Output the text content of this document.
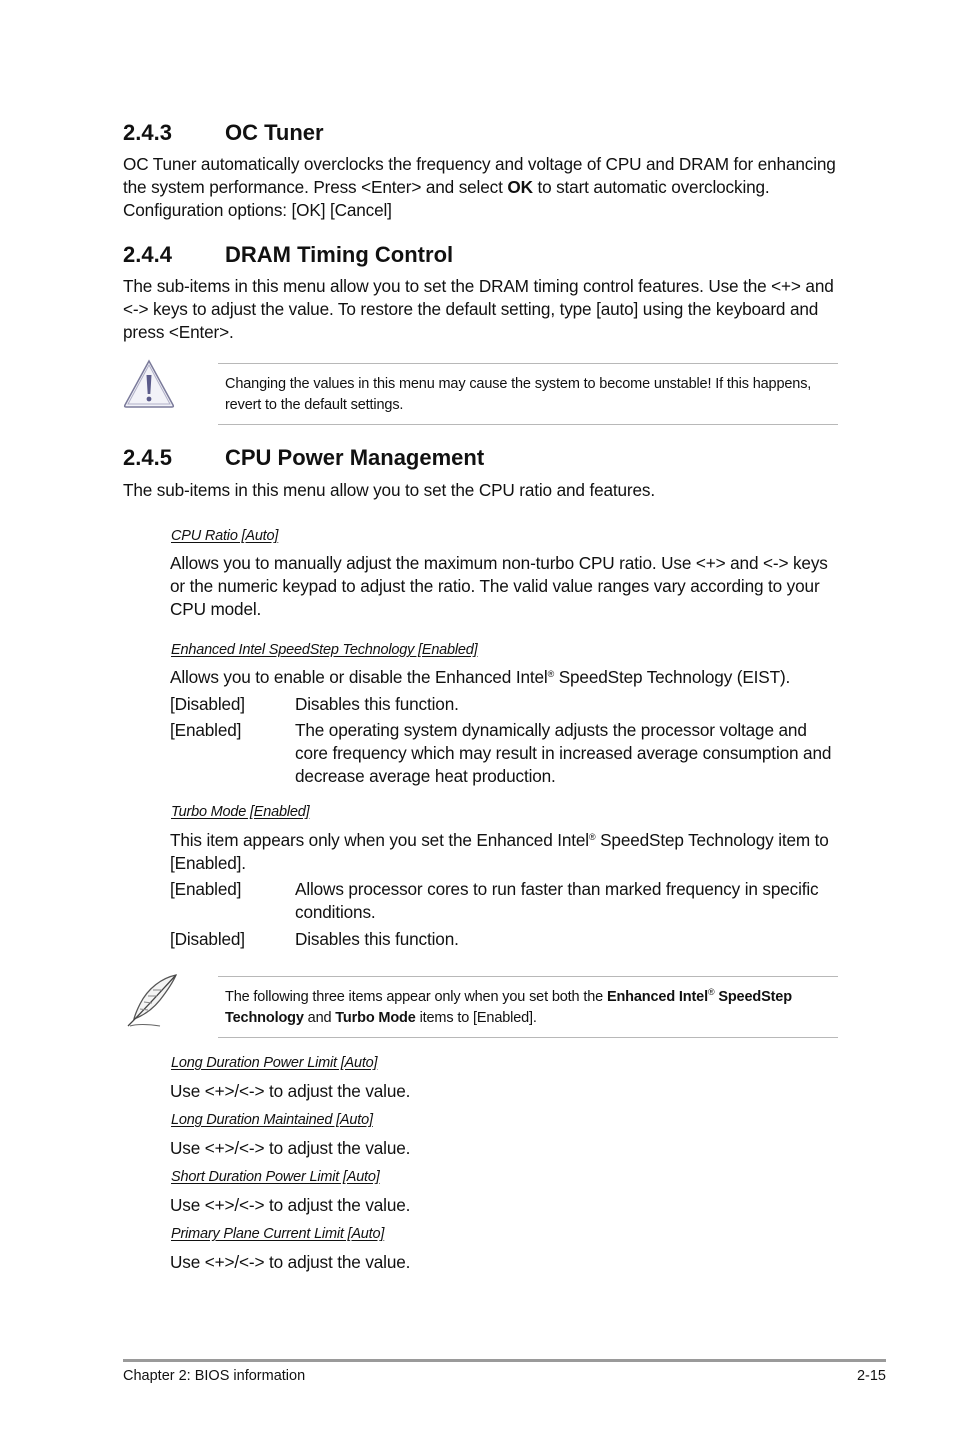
2.4.3 OC Tuner
OC Tuner automatically overclocks the frequency and voltage of CPU and DRAM for enhancing the system performance. Press <Enter> and select OK to start automatic overclocking. Configuration options: [OK] [Cancel]
2.4.4 DRAM Timing Control
The sub-items in this menu allow you to set the DRAM timing control features. Use the <+> and <-> keys to adjust the value. To restore the default setting, type [auto] using the keyboard and press <Enter>.
Changing the values in this menu may cause the system to become unstable! If this happens, revert to the default settings.
2.4.5 CPU Power Management
The sub-items in this menu allow you to set the CPU ratio and features.
CPU Ratio [Auto]
Allows you to manually adjust the maximum non-turbo CPU ratio. Use <+> and <-> keys or the numeric keypad to adjust the ratio. The valid value ranges vary according to your CPU model.
Enhanced Intel SpeedStep Technology [Enabled]
Allows you to enable or disable the Enhanced Intel® SpeedStep Technology (EIST).
[Disabled]	Disables this function.
[Enabled]	The operating system dynamically adjusts the processor voltage and core frequency which may result in increased average consumption and decrease average heat production.
Turbo Mode [Enabled]
This item appears only when you set the Enhanced Intel® SpeedStep Technology item to [Enabled].
[Enabled]	Allows processor cores to run faster than marked frequency in specific conditions.
[Disabled]	Disables this function.
The following three items appear only when you set both the Enhanced Intel® SpeedStep Technology and Turbo Mode items to [Enabled].
Long Duration Power Limit [Auto]
Use <+>/<-> to adjust the value.
Long Duration Maintained [Auto]
Use <+>/<-> to adjust the value.
Short Duration Power Limit [Auto]
Use <+>/<-> to adjust the value.
Primary Plane Current Limit [Auto]
Use <+>/<-> to adjust the value.
Chapter 2: BIOS information	2-15
